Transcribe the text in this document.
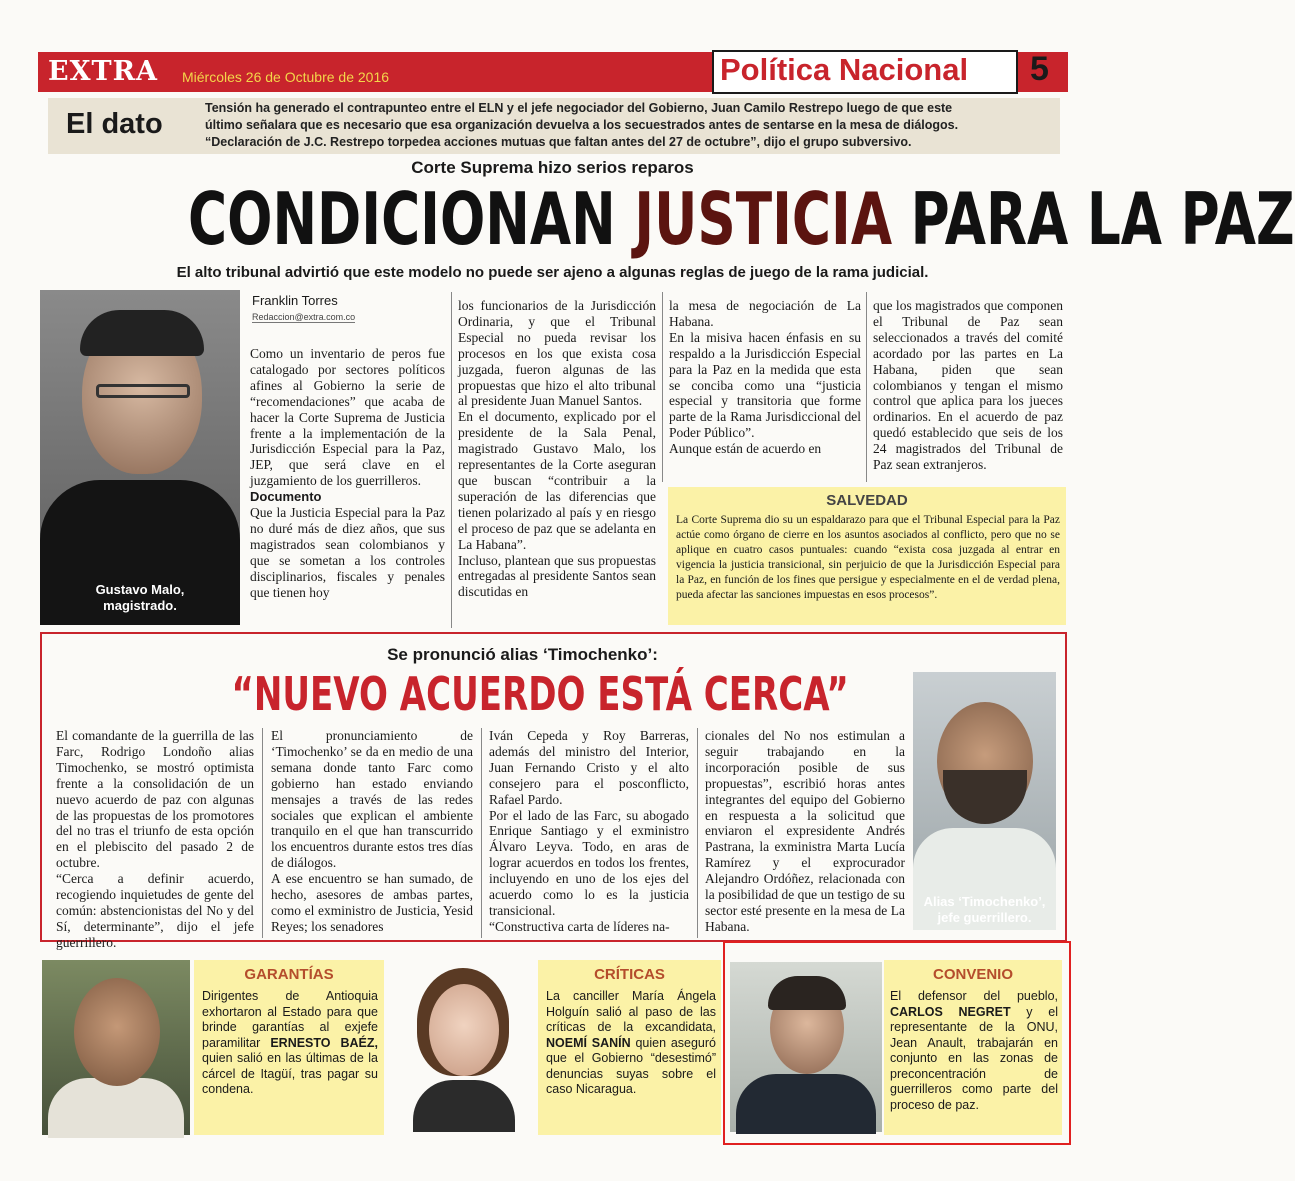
EXTRA Miércoles 26 de Octubre de 2016	Política Nacional 5
El dato	Tensión ha generado el contrapunteo entre el ELN y el jefe negociador del Gobierno, Juan Camilo Restrepo luego de que este
último señalara que es necesario que esa organización devuelva a los secuestrados antes de sentarse en la mesa de diálogos.
“Declaración de J.C. Restrepo torpedea acciones mutuas que faltan antes del 27 de octubre”, dijo el grupo subversivo.
Corte Suprema hizo serios reparos
CONDICIONAN JUSTICIA PARA LA PAZ
El alto tribunal advirtió que este modelo no puede ser ajeno a algunas reglas de juego de la rama judicial.
Gustavo Malo,
magistrado.
Franklin Torres
Redaccion@extra.com.co

Como un inventario de peros fue catalogado por sectores políticos afines al Gobierno la serie de “recomendaciones” que acaba de hacer la Corte Suprema de Justicia frente a la implementación de la Jurisdicción Especial para la Paz, JEP, que será clave en el juzgamiento de los guerrilleros.

Documento

Que la Justicia Especial para la Paz no duré más de diez años, que sus magistrados sean colombianos y que se sometan a los controles disciplinarios, fiscales y penales que tienen hoy

los funcionarios de la Jurisdicción Ordinaria, y que el Tribunal Especial no pueda revisar los procesos en los que exista cosa juzgada, fueron algunas de las propuestas que hizo el alto tribunal al presidente Juan Manuel Santos.

En el documento, explicado por el presidente de la Sala Penal, magistrado Gustavo Malo, los representantes de la Corte aseguran que buscan “contribuir a la superación de las diferencias que tienen polarizado al país y en riesgo el proceso de paz que se adelanta en La Habana”.

Incluso, plantean que sus propuestas entregadas al presidente Santos sean discutidas en

la mesa de negociación de La Habana.

En la misiva hacen énfasis en su respaldo a la Jurisdicción Especial para la Paz en la medida que esta se conciba como una “justicia especial y transitoria que forme parte de la Rama Jurisdiccional del Poder Público”.

Aunque están de acuerdo en

que los magistrados que componen el Tribunal de Paz sean seleccionados a través del comité acordado por las partes en La Habana, piden que sean colombianos y tengan el mismo control que aplica para los jueces ordinarios. En el acuerdo de paz quedó establecido que seis de los 24 magistrados del Tribunal de Paz sean extranjeros.

SALVEDAD
La Corte Suprema dio su un espaldarazo para que el Tribunal Especial para la Paz actúe como órgano de cierre en los asuntos asociados al conflicto, pero que no se aplique en cuatro casos puntuales: cuando “exista cosa juzgada al entrar en vigencia la justicia transicional, sin perjuicio de que la Jurisdicción Especial para la Paz, en función de los fines que persigue y especialmente en el de verdad plena, pueda afectar las sanciones impuestas en esos procesos”.
Se pronunció alias ‘Timochenko’:
“NUEVO ACUERDO ESTÁ CERCA”

El comandante de la guerrilla de las Farc, Rodrigo Londoño alias Timochenko, se mostró optimista frente a la consolidación de un nuevo acuerdo de paz con algunas de las propuestas de los promotores del no tras el triunfo de esta opción en el plebiscito del pasado 2 de octubre.

“Cerca a definir acuerdo, recogiendo inquietudes de gente del común: abstencionistas del No y del Sí, determinante”, dijo el jefe guerrillero.

El pronunciamiento de ‘Timochenko’ se da en medio de una semana donde tanto Farc como gobierno han estado enviando mensajes a través de las redes sociales que explican el ambiente tranquilo en el que han transcurrido los encuentros durante estos tres días de diálogos.

A ese encuentro se han sumado, de hecho, asesores de ambas partes, como el exministro de Justicia, Yesid Reyes; los senadores

Iván Cepeda y Roy Barreras, además del ministro del Interior, Juan Fernando Cristo y el alto consejero para el posconflicto, Rafael Pardo.

Por el lado de las Farc, su abogado Enrique Santiago y el exministro Álvaro Leyva. Todo, en aras de lograr acuerdos en todos los frentes, incluyendo en uno de los ejes del acuerdo como lo es la justicia transicional.

“Constructiva carta de líderes na-

cionales del No nos estimulan a seguir trabajando en la incorporación posible de sus propuestas”, escribió horas antes integrantes del equipo del Gobierno en respuesta a la solicitud que enviaron el expresidente Andrés Pastrana, la exministra Marta Lucía Ramírez y el exprocurador Alejandro Ordóñez, relacionada con la posibilidad de que un testigo de su sector esté presente en la mesa de La Habana.

Alias ‘Timochenko’,
jefe guerrillero.
GARANTÍAS
Dirigentes de Antioquia exhortaron al Estado para que brinde garantías al exjefe paramilitar ERNESTO BAÉZ, quien salió en las últimas de la cárcel de Itagüí, tras pagar su condena.
CRÍTICAS
La canciller María Ángela Holguín salió al paso de las críticas de la excandidata, NOEMÍ SANÍN quien aseguró que el Gobierno “desestimó” denuncias suyas sobre el caso Nicaragua.
CONVENIO
El defensor del pueblo, CARLOS NEGRET y el representante de la ONU, Jean Anault, trabajarán en conjunto en las zonas de preconcentración de guerrilleros como parte del proceso de paz.
